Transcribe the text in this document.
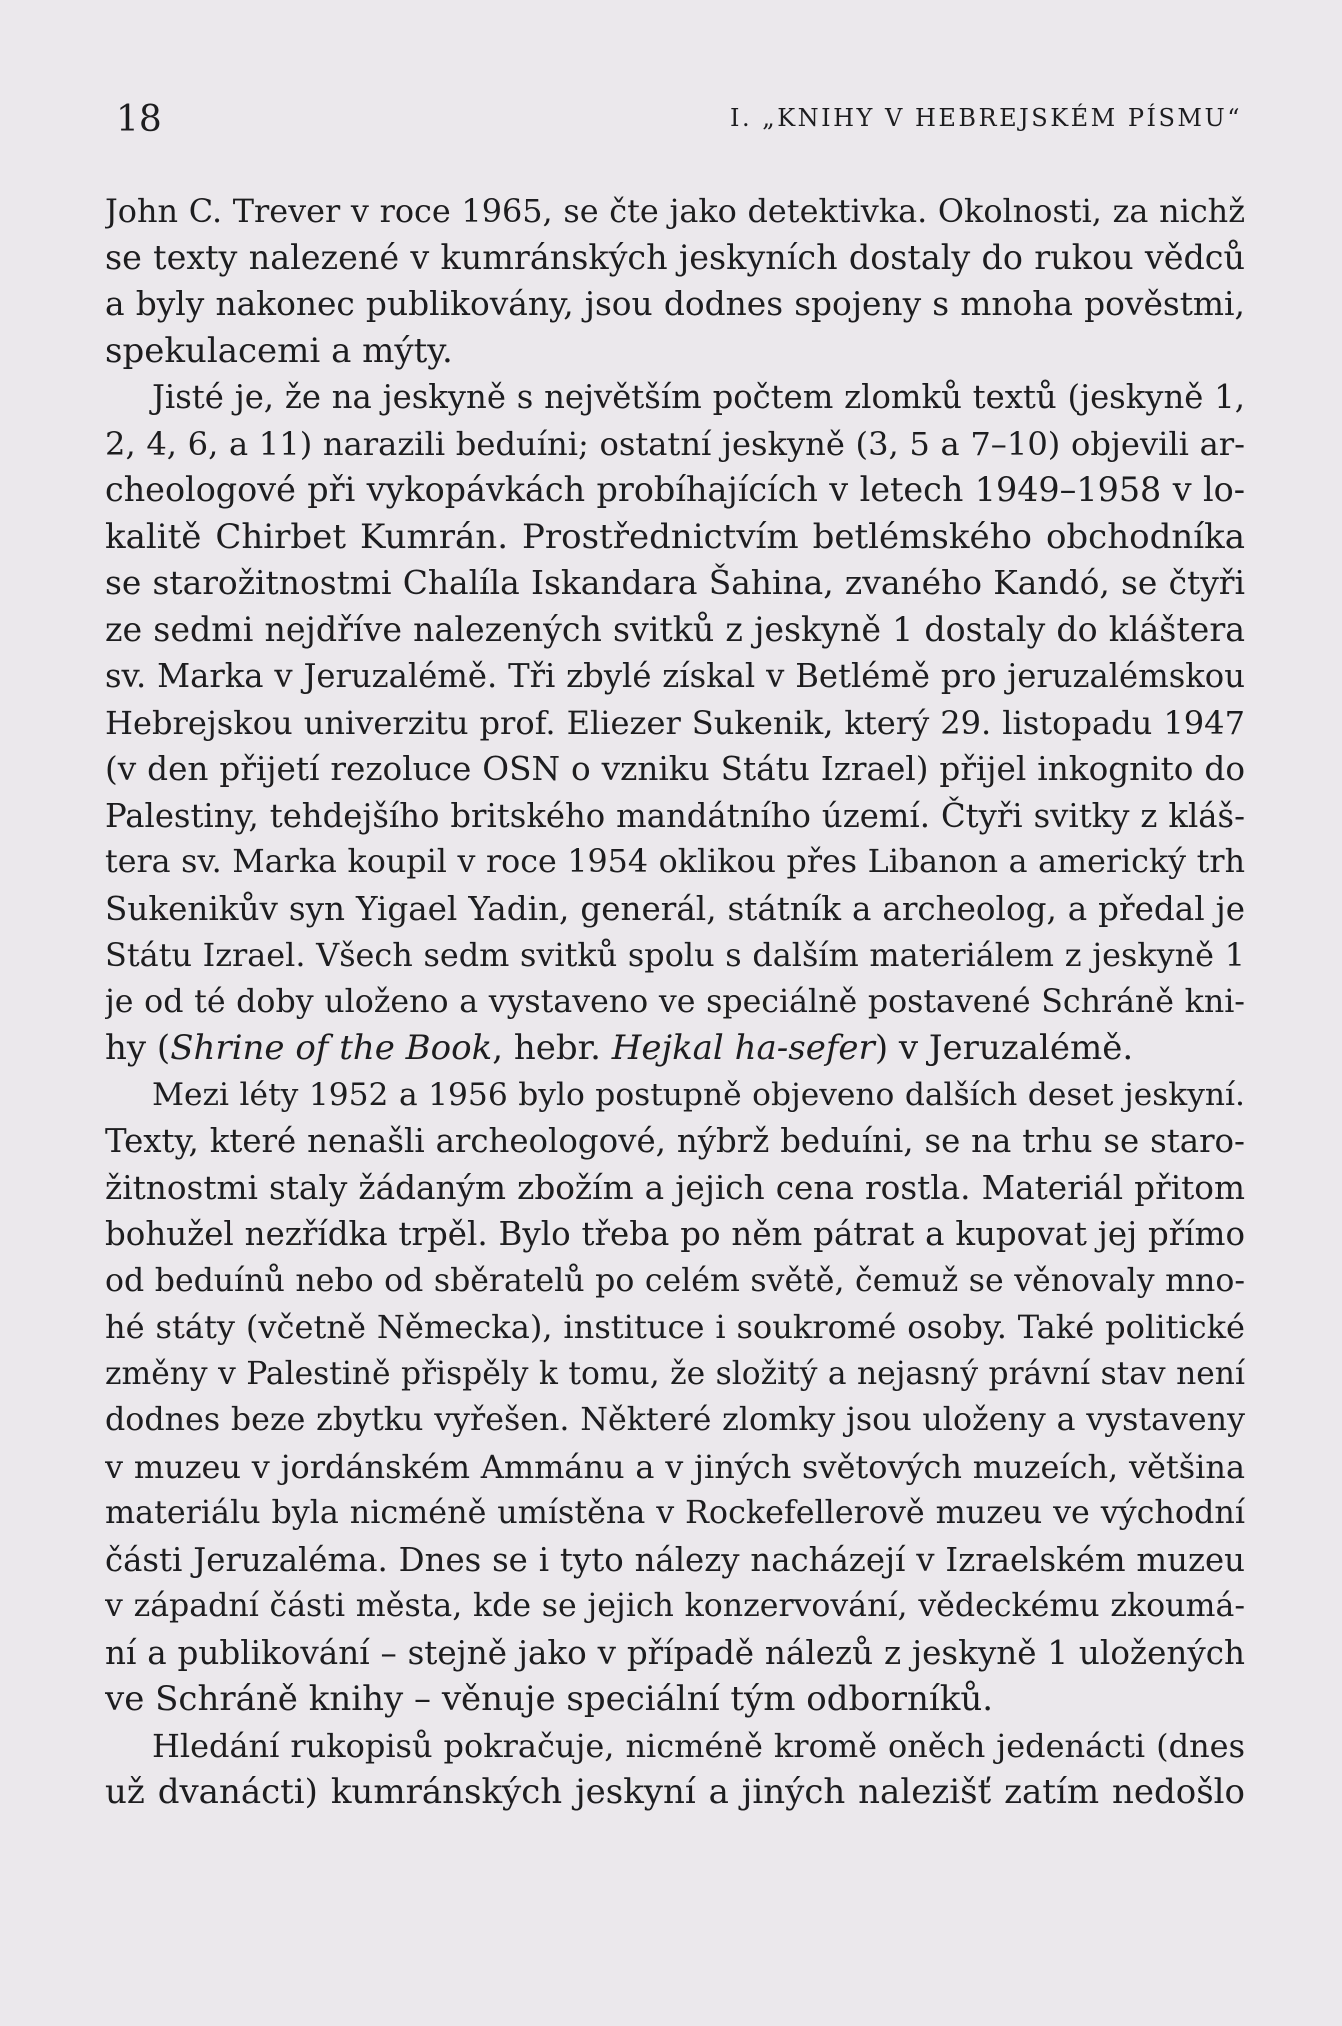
18	I. „KNIHY V HEBREJSKÉM PÍSMU“
John C. Trever v roce 1965, se čte jako detektivka. Okolnosti, za nichž
se texty nalezené v kumránských jeskyních dostaly do rukou vědců
a byly nakonec publikovány, jsou dodnes spojeny s mnoha pověstmi,
spekulacemi a mýty.
Jisté je, že na jeskyně s největším počtem zlomků textů (jeskyně 1,
2, 4, 6, a 11) narazili beduíni; ostatní jeskyně (3, 5 a 7–10) objevili ar-
cheologové při vykopávkách probíhajících v letech 1949–1958 v lo-
kalitě Chirbet Kumrán. Prostřednictvím betlémského obchodníka
se starožitnostmi Chalíla Iskandara Šahina, zvaného Kandó, se čtyři
ze sedmi nejdříve nalezených svitků z jeskyně 1 dostaly do kláštera
sv. Marka v Jeruzalémě. Tři zbylé získal v Betlémě pro jeruzalémskou
Hebrejskou univerzitu prof. Eliezer Sukenik, který 29. listopadu 1947
(v den přijetí rezoluce OSN o vzniku Státu Izrael) přijel inkognito do
Palestiny, tehdejšího britského mandátního území. Čtyři svitky z kláš-
tera sv. Marka koupil v roce 1954 oklikou přes Libanon a americký trh
Sukenikův syn Yigael Yadin, generál, státník a archeolog, a předal je
Státu Izrael. Všech sedm svitků spolu s dalším materiálem z jeskyně 1
je od té doby uloženo a vystaveno ve speciálně postavené Schráně kni-
hy (Shrine of the Book, hebr. Hejkal ha-sefer) v Jeruzalémě.
Mezi léty 1952 a 1956 bylo postupně objeveno dalších deset jeskyní.
Texty, které nenašli archeologové, nýbrž beduíni, se na trhu se staro-
žitnostmi staly žádaným zbožím a jejich cena rostla. Materiál přitom
bohužel nezřídka trpěl. Bylo třeba po něm pátrat a kupovat jej přímo
od beduínů nebo od sběratelů po celém světě, čemuž se věnovaly mno-
hé státy (včetně Německa), instituce i soukromé osoby. Také politické
změny v Palestině přispěly k tomu, že složitý a nejasný právní stav není
dodnes beze zbytku vyřešen. Některé zlomky jsou uloženy a vystaveny
v muzeu v jordánském Ammánu a v jiných světových muzeích, většina
materiálu byla nicméně umístěna v Rockefellerově muzeu ve východní
části Jeruzaléma. Dnes se i tyto nálezy nacházejí v Izraelském muzeu
v západní části města, kde se jejich konzervování, vědeckému zkoumá-
ní a publikování – stejně jako v případě nálezů z jeskyně 1 uložených
ve Schráně knihy – věnuje speciální tým odborníků.
Hledání rukopisů pokračuje, nicméně kromě oněch jedenácti (dnes
už dvanácti) kumránských jeskyní a jiných nalezišť zatím nedošlo
